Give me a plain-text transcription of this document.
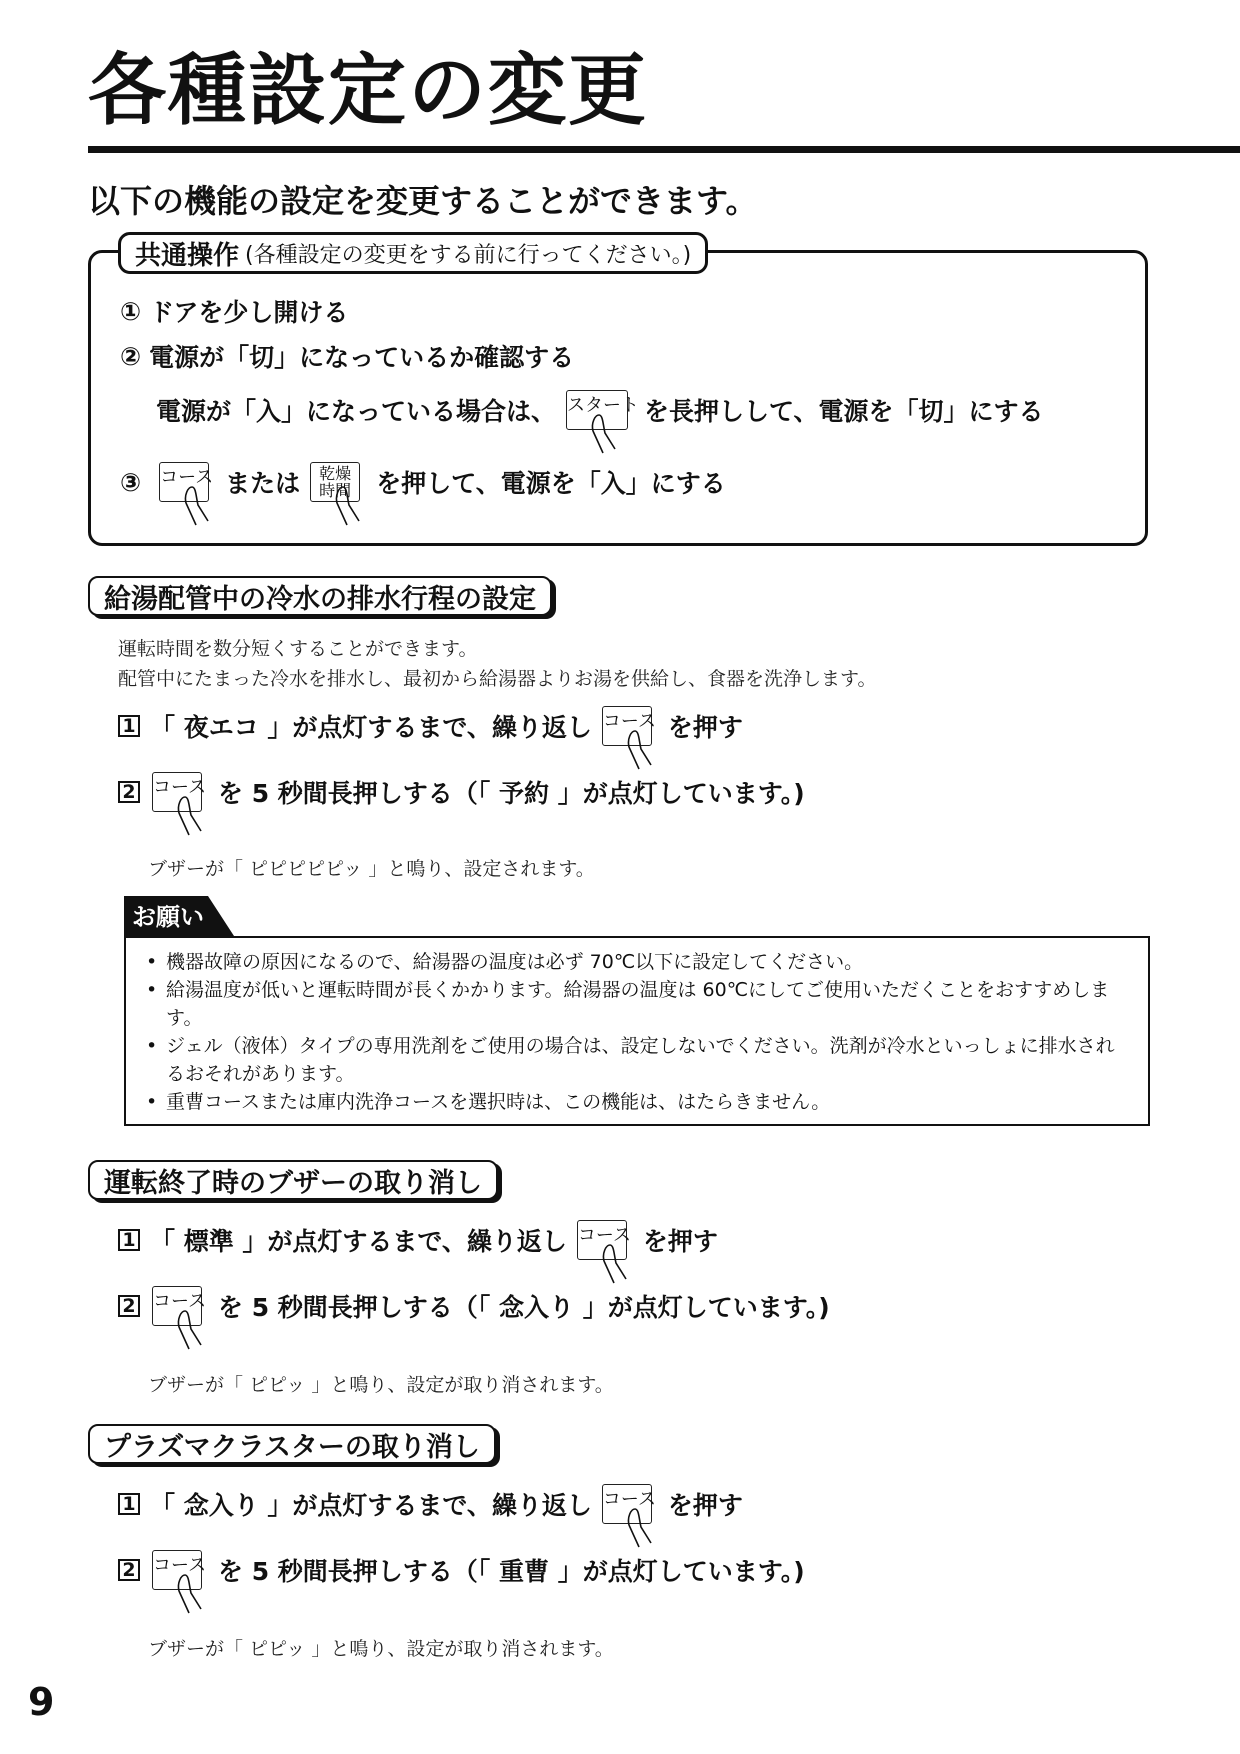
各種設定の変更
以下の機能の設定を変更することができます。
共通操作 (各種設定の変更をする前に行ってください。)
① ドアを少し開ける
② 電源が「切」になっているか確認する
電源が「入」になっている場合は、 スタート を長押しして、電源を「切」にする
③ コース または	乾燥
時間	を押して、電源を「入」にする
給湯配管中の冷水の排水行程の設定
運転時間を数分短くすることができます。
配管中にたまった冷水を排水し、最初から給湯器よりお湯を供給し、食器を洗浄します。
1 「 夜エコ 」が点灯するまで、繰り返し コース を押す
2 コース を 5 秒間長押しする（「 予約 」が点灯しています。)
ブザーが「 ピピピピピッ 」と鳴り、設定されます。
お願い
• 機器故障の原因になるので、給湯器の温度は必ず 70℃以下に設定してください。
• 給湯温度が低いと運転時間が長くかかります。給湯器の温度は 60℃にしてご使用いただくことをおすすめします。
• ジェル（液体）タイプの専用洗剤をご使用の場合は、設定しないでください。洗剤が冷水といっしょに排水されるおそれがあります。
• 重曹コースまたは庫内洗浄コースを選択時は、この機能は、はたらきません。
運転終了時のブザーの取り消し
1 「 標準 」が点灯するまで、繰り返し コース を押す
2 コース を 5 秒間長押しする（「 念入り 」が点灯しています。)
ブザーが「 ピピッ 」と鳴り、設定が取り消されます。
プラズマクラスターの取り消し
1 「 念入り 」が点灯するまで、繰り返し コース を押す
2 コース を 5 秒間長押しする（「 重曹 」が点灯しています。)
ブザーが「 ピピッ 」と鳴り、設定が取り消されます。
9
